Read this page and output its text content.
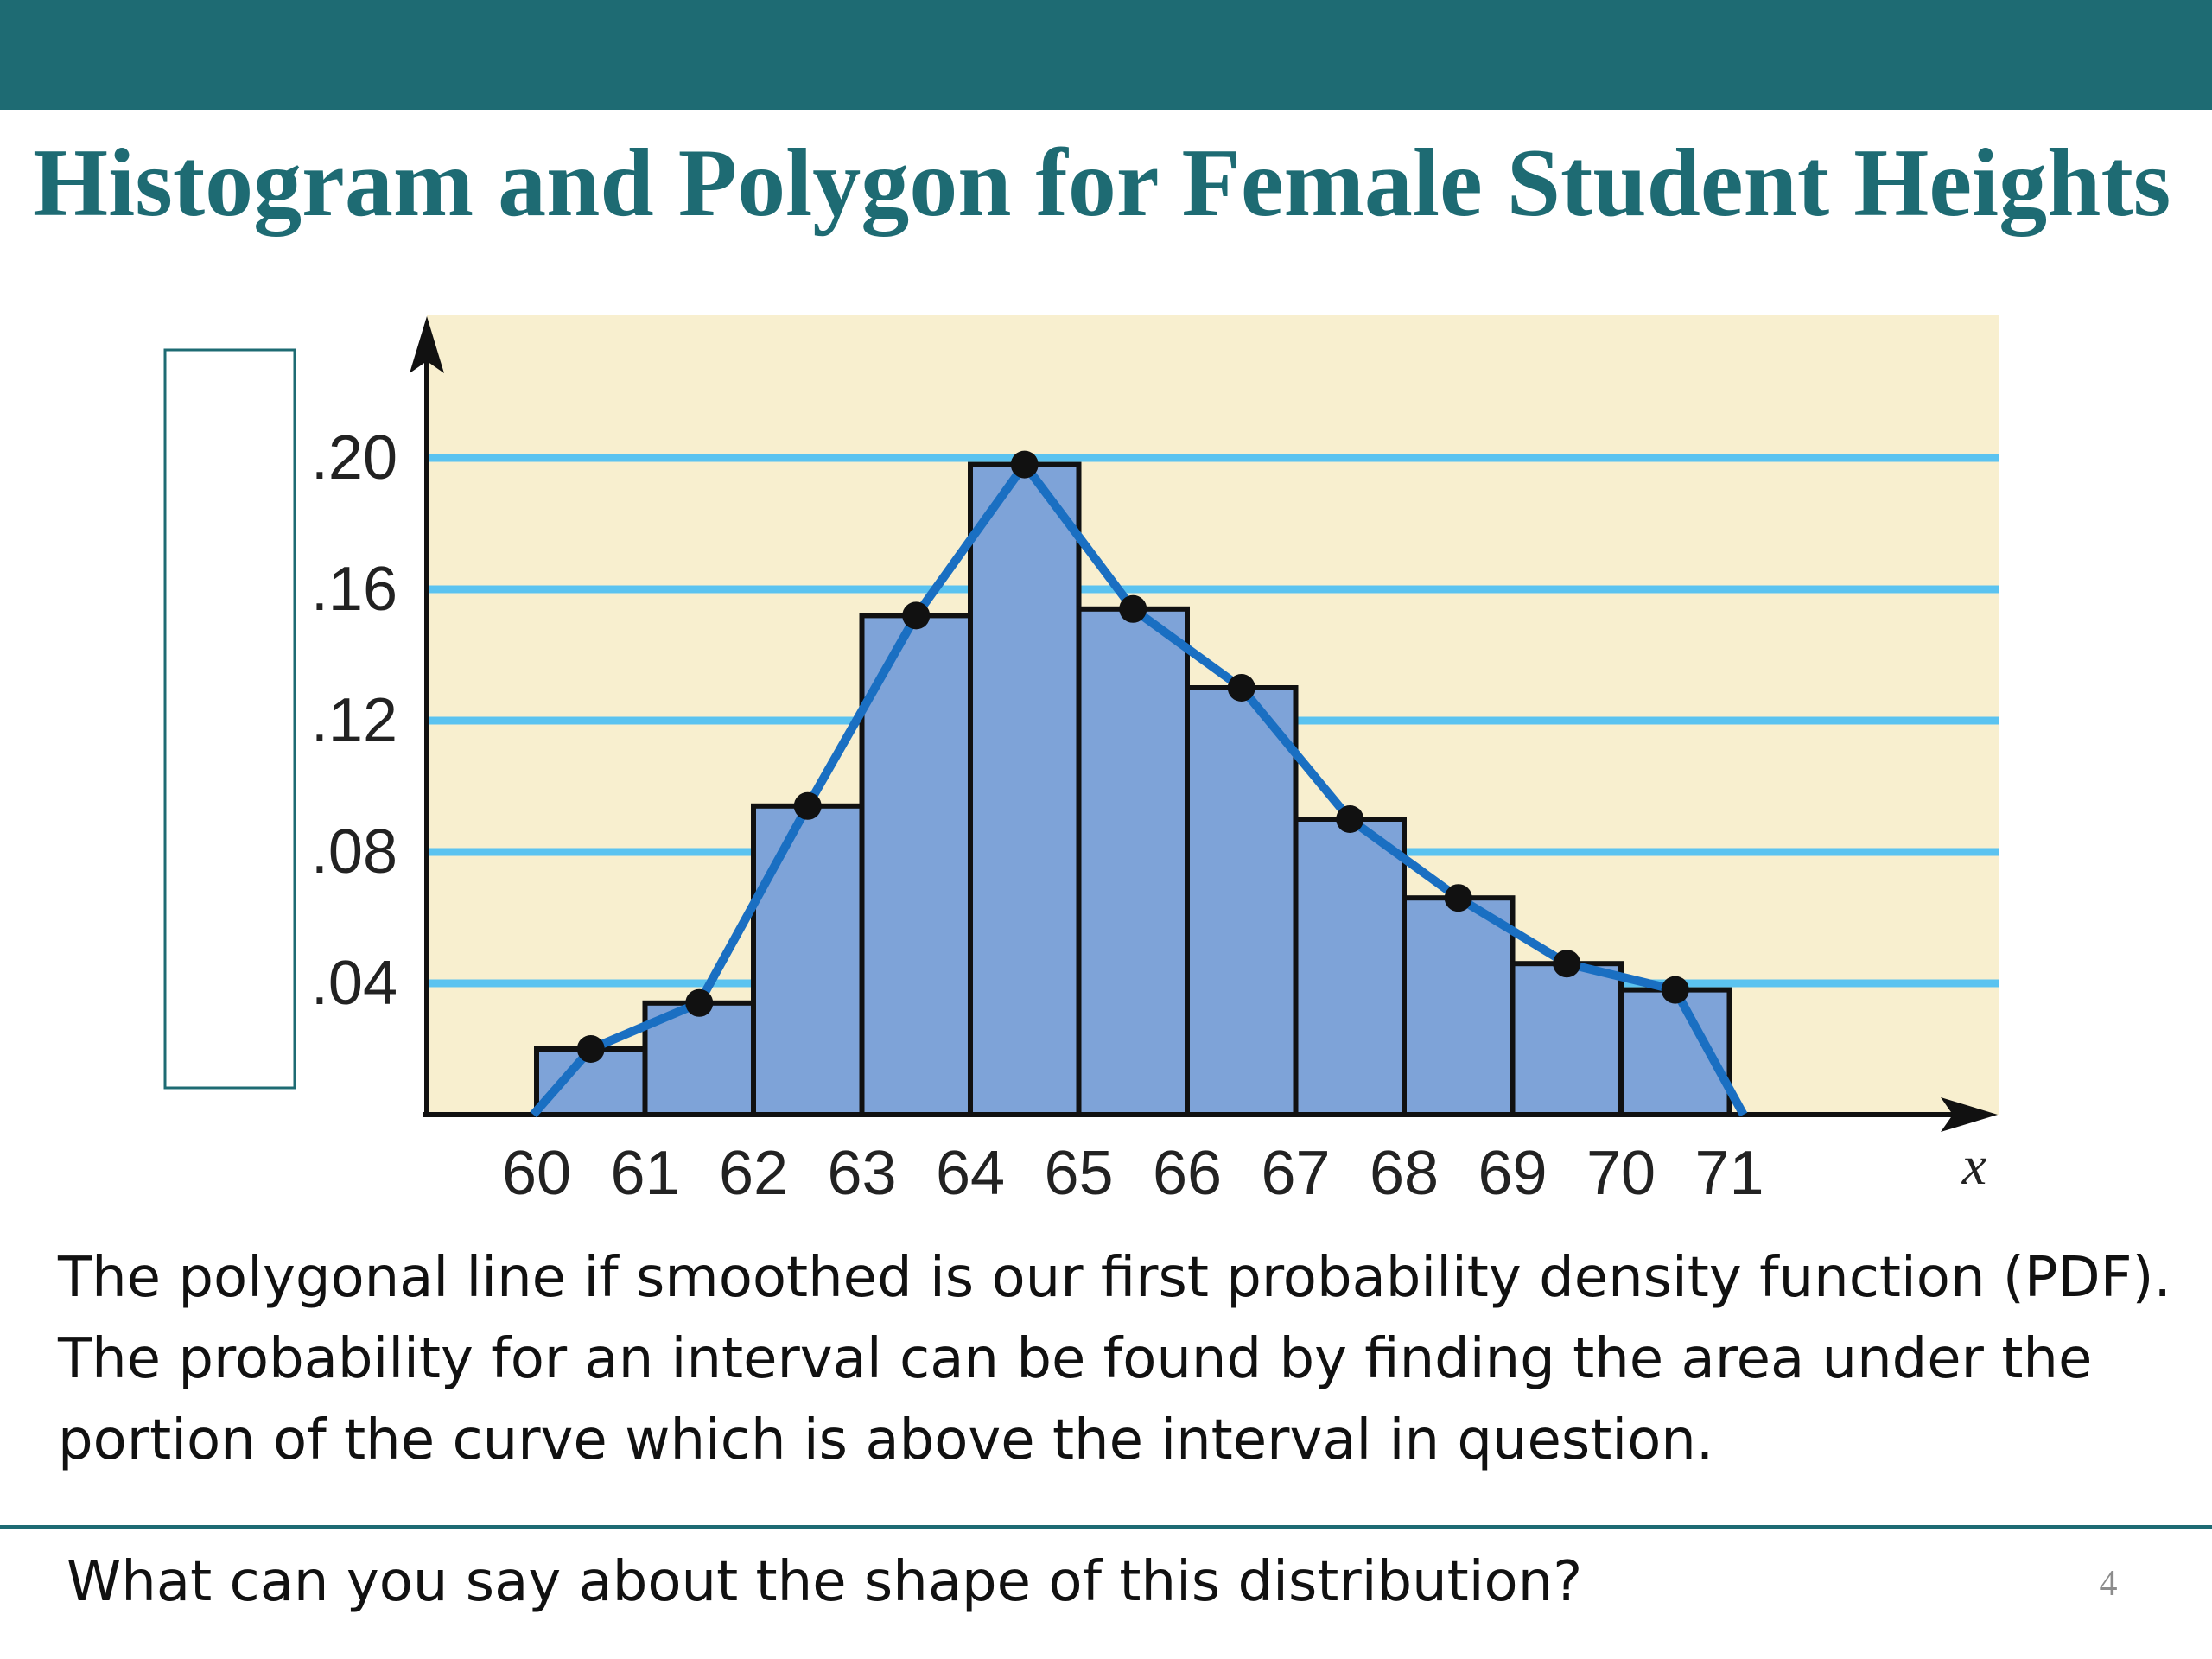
Histogram and Polygon for Female Student Heights
x
60 61 62 63 64 65 66 67 68 69 70 71
.04
.08
.12
.16
.20
The polygonal line if smoothed is our first probability density function (PDF).
The probability for an interval can be found by finding the area under the
portion of the curve which is above the interval in question.
What can you say about the shape of this distribution?	4
